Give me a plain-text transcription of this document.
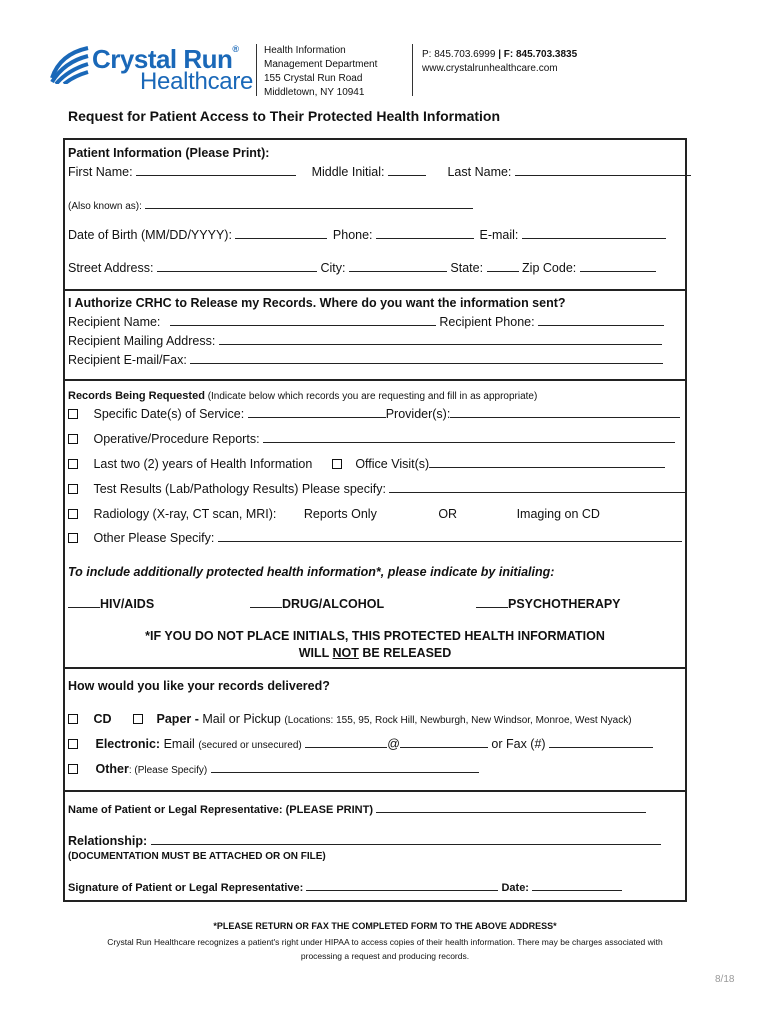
Crystal Run®
Healthcare
Health Information
Management Department
155 Crystal Run Road
Middletown, NY 10941
P: 845.703.6999 | F: 845.703.3835
www.crystalrunhealthcare.com
Request for Patient Access to Their Protected Health Information
Patient Information (Please Print):
First Name:	Middle Initial:	Last Name:
(Also known as):
Date of Birth (MM/DD/YYYY):	Phone:	E-mail:
Street Address:	City:	State:	Zip Code:
I Authorize CRHC to Release my Records. Where do you want the information sent?
Recipient Name:	Recipient Phone:
Recipient Mailing Address:
Recipient E-mail/Fax:
Records Being Requested (Indicate below which records you are requesting and fill in as appropriate)
Specific Date(s) of Service:	Provider(s):
Operative/Procedure Reports:
Last two (2) years of Health Information	Office Visit(s)
Test Results (Lab/Pathology Results) Please specify:
Radiology (X-ray, CT scan, MRI): Reports Only	OR	Imaging on CD
Other Please Specify:
To include additionally protected health information*, please indicate by initialing:
HIV/AIDS	DRUG/ALCOHOL	PSYCHOTHERAPY
*IF YOU DO NOT PLACE INITIALS, THIS PROTECTED HEALTH INFORMATION
WILL NOT BE RELEASED
How would you like your records delivered?
CD	Paper - Mail or Pickup (Locations: 155, 95, Rock Hill, Newburgh, New Windsor, Monroe, West Nyack)
Electronic: Email (secured or unsecured)	@	or Fax (#)
Other: (Please Specify)
Name of Patient or Legal Representative: (PLEASE PRINT)
Relationship:
(DOCUMENTATION MUST BE ATTACHED OR ON FILE)
Signature of Patient or Legal Representative:	Date:
*PLEASE RETURN OR FAX THE COMPLETED FORM TO THE ABOVE ADDRESS*
Crystal Run Healthcare recognizes a patient's right under HIPAA to access copies of their health information. There may be charges associated with
processing a request and producing records.
8/18
